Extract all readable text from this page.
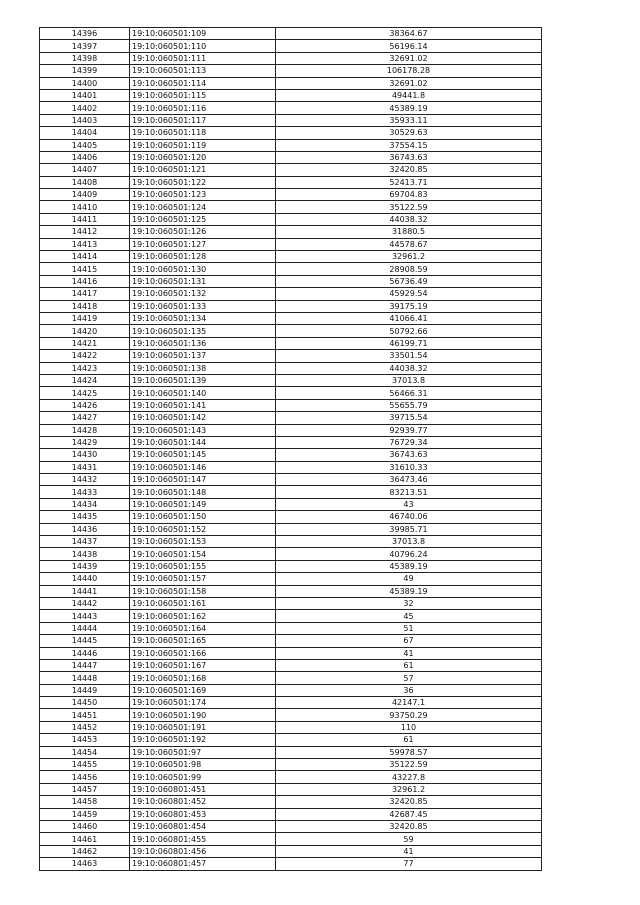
14396	19:10:060501:109	38364.67
14397	19:10:060501:110	56196.14
14398	19:10:060501:111	32691.02
14399	19:10:060501:113	106178.28
14400	19:10:060501:114	32691.02
14401	19:10:060501:115	49441.8
14402	19:10:060501:116	45389.19
14403	19:10:060501:117	35933.11
14404	19:10:060501:118	30529.63
14405	19:10:060501:119	37554.15
14406	19:10:060501:120	36743.63
14407	19:10:060501:121	32420.85
14408	19:10:060501:122	52413.71
14409	19:10:060501:123	69704.83
14410	19:10:060501:124	35122.59
14411	19:10:060501:125	44038.32
14412	19:10:060501:126	31880.5
14413	19:10:060501:127	44578.67
14414	19:10:060501:128	32961.2
14415	19:10:060501:130	28908.59
14416	19:10:060501:131	56736.49
14417	19:10:060501:132	45929.54
14418	19:10:060501:133	39175.19
14419	19:10:060501:134	41066.41
14420	19:10:060501:135	50792.66
14421	19:10:060501:136	46199.71
14422	19:10:060501:137	33501.54
14423	19:10:060501:138	44038.32
14424	19:10:060501:139	37013.8
14425	19:10:060501:140	56466.31
14426	19:10:060501:141	55655.79
14427	19:10:060501:142	39715.54
14428	19:10:060501:143	92939.77
14429	19:10:060501:144	76729.34
14430	19:10:060501:145	36743.63
14431	19:10:060501:146	31610.33
14432	19:10:060501:147	36473.46
14433	19:10:060501:148	83213.51
14434	19:10:060501:149	43
14435	19:10:060501:150	46740.06
14436	19:10:060501:152	39985.71
14437	19:10:060501:153	37013.8
14438	19:10:060501:154	40796.24
14439	19:10:060501:155	45389.19
14440	19:10:060501:157	49
14441	19:10:060501:158	45389.19
14442	19:10:060501:161	32
14443	19:10:060501:162	45
14444	19:10:060501:164	51
14445	19:10:060501:165	67
14446	19:10:060501:166	41
14447	19:10:060501:167	61
14448	19:10:060501:168	57
14449	19:10:060501:169	36
14450	19:10:060501:174	42147.1
14451	19:10:060501:190	93750.29
14452	19:10:060501:191	110
14453	19:10:060501:192	61
14454	19:10:060501:97	59978.57
14455	19:10:060501:98	35122.59
14456	19:10:060501:99	43227.8
14457	19:10:060801:451	32961.2
14458	19:10:060801:452	32420.85
14459	19:10:060801:453	42687.45
14460	19:10:060801:454	32420.85
14461	19:10:060801:455	59
14462	19:10:060801:456	41
14463	19:10:060801:457	77
